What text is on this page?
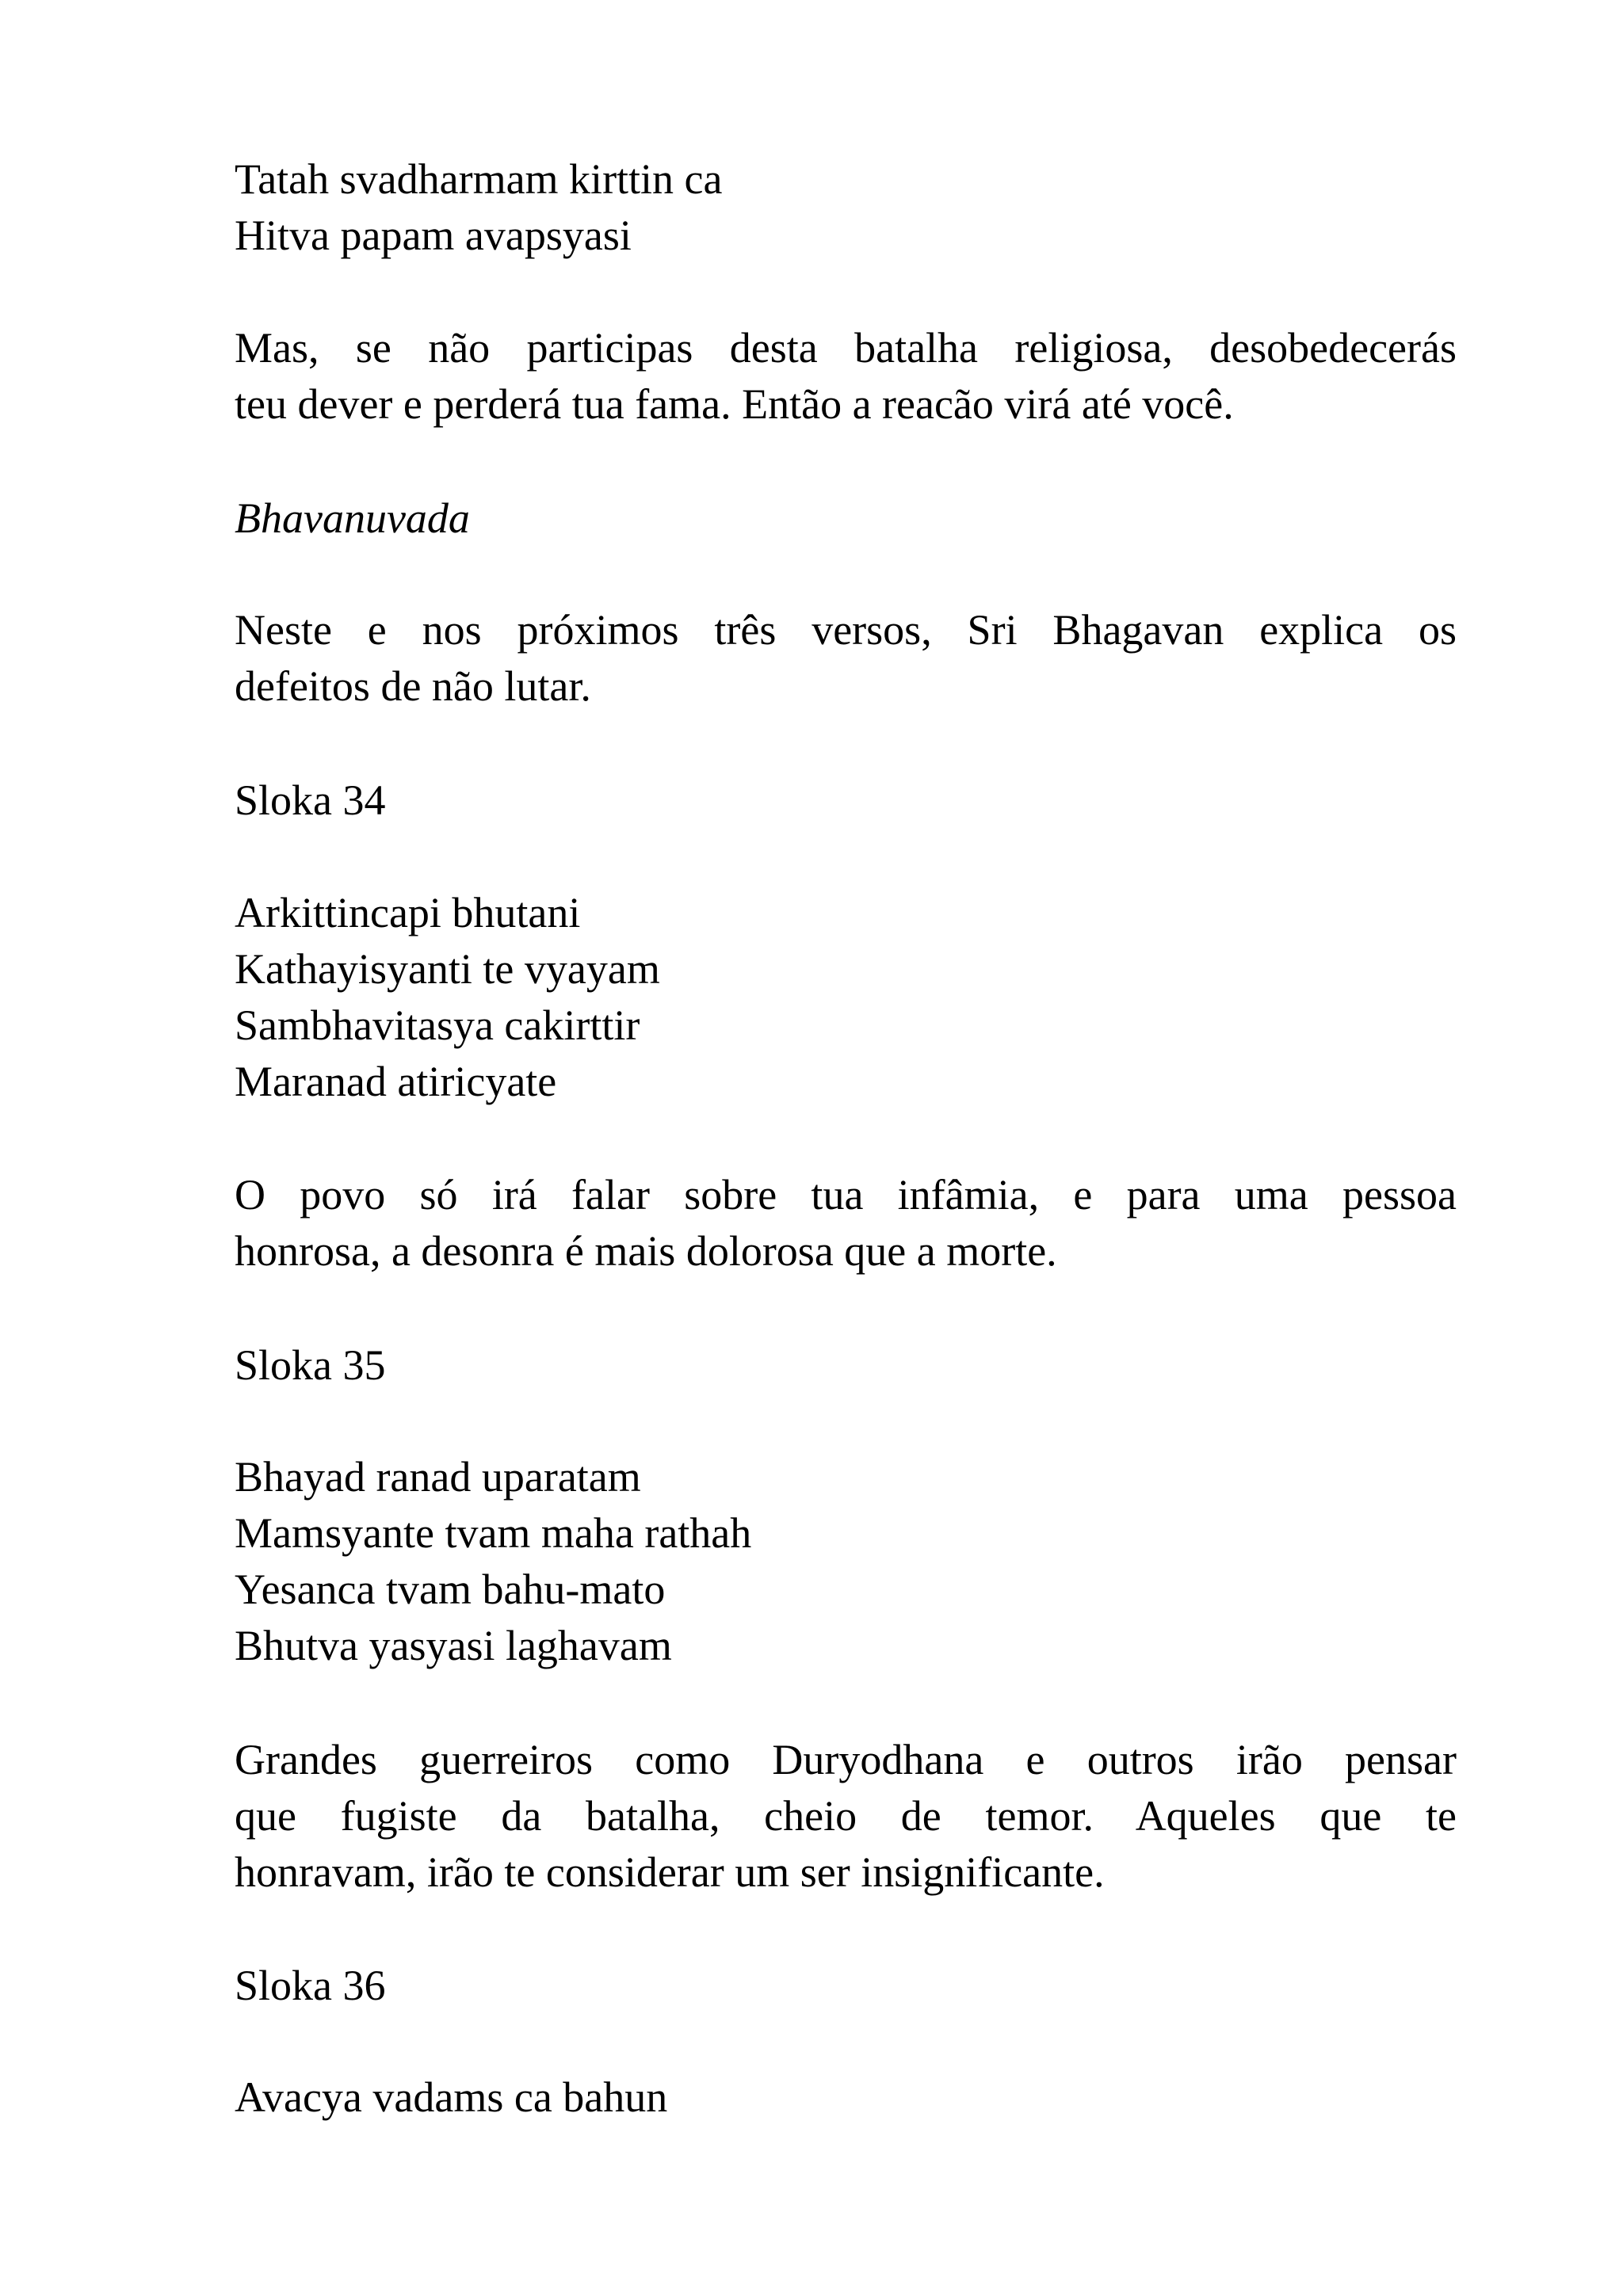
Tatah svadharmam kirttin ca
Hitva papam avapsyasi
Mas, se não participas desta batalha religiosa, desobedecerás
teu dever e perderá tua fama. Então a reacão virá até você.
Bhavanuvada
Neste e nos próximos três versos, Sri Bhagavan explica os
defeitos de não lutar.
Sloka 34
Arkittincapi bhutani
Kathayisyanti te vyayam
Sambhavitasya cakirttir
Maranad atiricyate
O povo só irá falar sobre tua infâmia, e para uma pessoa
honrosa, a desonra é mais dolorosa que a morte.
Sloka 35
Bhayad ranad uparatam
Mamsyante tvam maha rathah
Yesanca tvam bahu-mato
Bhutva yasyasi laghavam
Grandes guerreiros como Duryodhana e outros irão pensar
que fugiste da batalha, cheio de temor. Aqueles que te
honravam, irão te considerar um ser insignificante.
Sloka 36
Avacya vadams ca bahun
